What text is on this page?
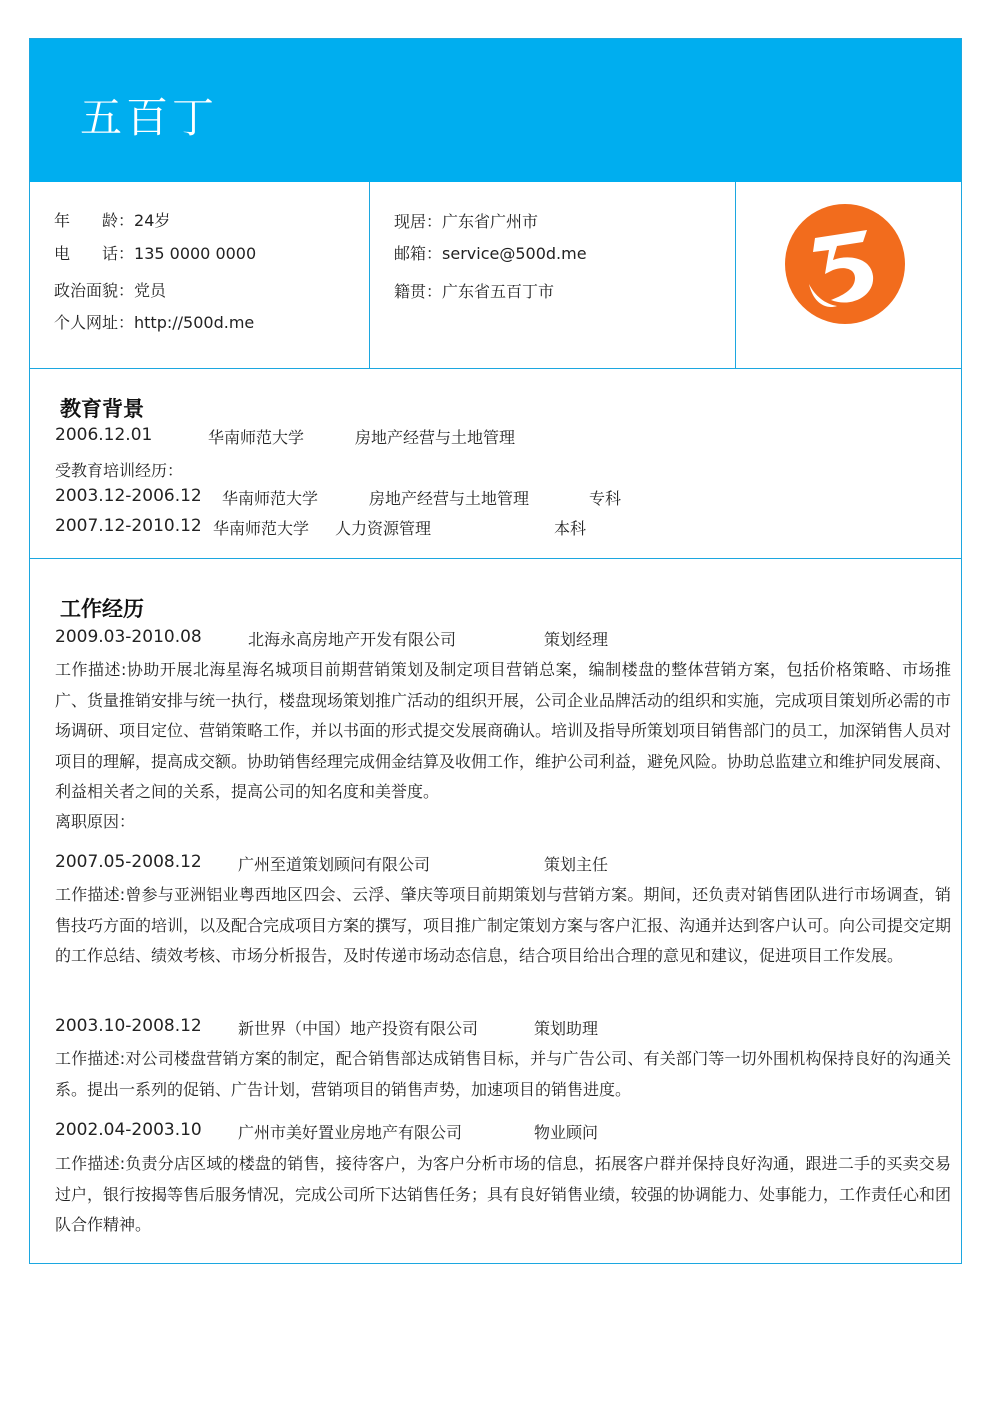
五百丁
年　　龄：24岁
电　　话：135 0000 0000
政治面貌：党员
个人网址：http://500d.me
现居：广东省广州市
邮箱：service@500d.me
籍贯：广东省五百丁市
教育背景
2006.12.01	华南师范大学	房地产经营与土地管理
受教育培训经历：
2003.12-2006.12 华南师范大学	房地产经营与土地管理	专科
2007.12-2010.12 华南师范大学 人力资源管理	本科
工作经历
2009.03-2010.08	北海永高房地产开发有限公司	策划经理
工作描述:协助开展北海星海名城项目前期营销策划及制定项目营销总案，编制楼盘的整体营销方案，包括价格策略、市场推广、货量推销安排与统一执行，楼盘现场策划推广活动的组织开展，公司企业品牌活动的组织和实施，完成项目策划所必需的市场调研、项目定位、营销策略工作，并以书面的形式提交发展商确认。培训及指导所策划项目销售部门的员工，加深销售人员对项目的理解，提高成交额。协助销售经理完成佣金结算及收佣工作，维护公司利益，避免风险。协助总监建立和维护同发展商、利益相关者之间的关系，提高公司的知名度和美誉度。
离职原因：
2007.05-2008.12 广州至道策划顾问有限公司	策划主任
工作描述:曾参与亚洲铝业粤西地区四会、云浮、肇庆等项目前期策划与营销方案。期间，还负责对销售团队进行市场调查，销售技巧方面的培训，以及配合完成项目方案的撰写，项目推广制定策划方案与客户汇报、沟通并达到客户认可。向公司提交定期的工作总结、绩效考核、市场分析报告，及时传递市场动态信息，结合项目给出合理的意见和建议，促进项目工作发展。
2003.10-2008.12 新世界（中国）地产投资有限公司	策划助理
工作描述:对公司楼盘营销方案的制定，配合销售部达成销售目标，并与广告公司、有关部门等一切外围机构保持良好的沟通关系。提出一系列的促销、广告计划，营销项目的销售声势，加速项目的销售进度。
2002.04-2003.10 广州市美好置业房地产有限公司	物业顾问
工作描述:负责分店区域的楼盘的销售，接待客户，为客户分析市场的信息，拓展客户群并保持良好沟通，跟进二手的买卖交易过户，银行按揭等售后服务情况，完成公司所下达销售任务；具有良好销售业绩，较强的协调能力、处事能力，工作责任心和团队合作精神。
